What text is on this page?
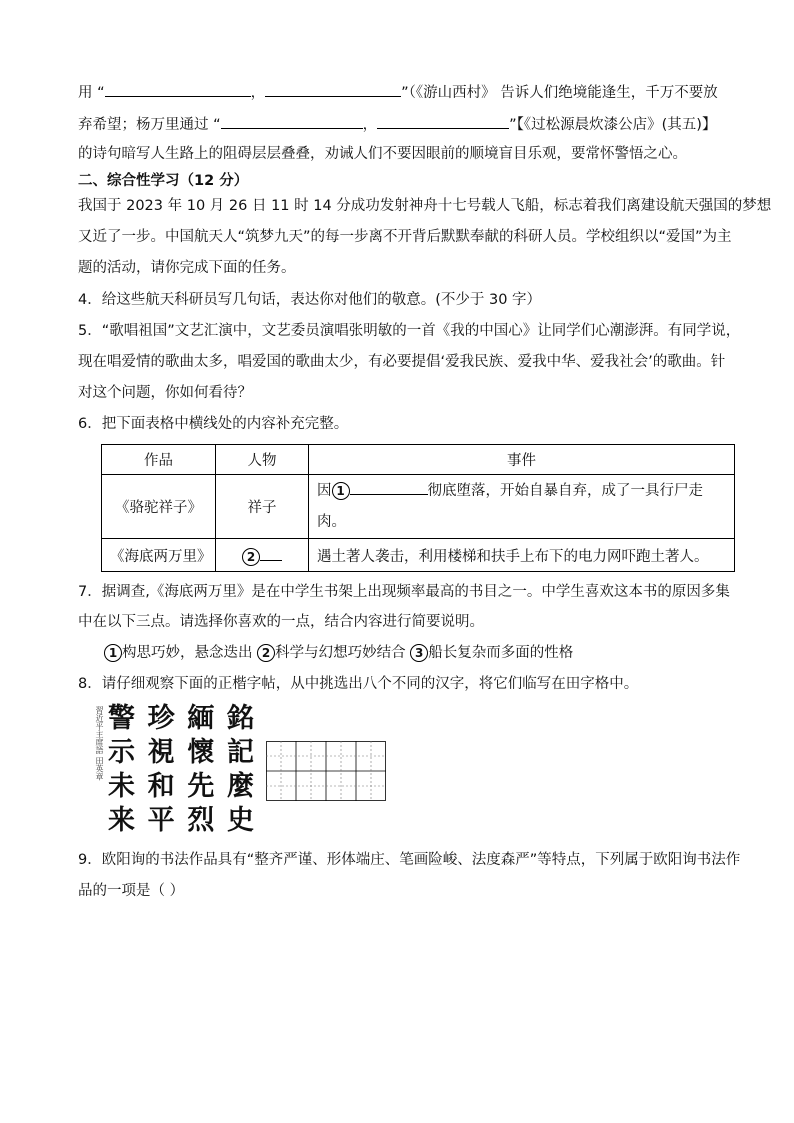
用 “	，	”（《游山西村》 告诉人们绝境能逢生，千万不要放
弃希望；杨万里通过 “	，	”【《过松源晨炊漆公店》(其五)】
的诗句暗写人生路上的阻碍层层叠叠，劝诫人们不要因眼前的顺境盲目乐观，要常怀警悟之心。
二、综合性学习（12 分）
我国于 2023 年 10 月 26 日 11 时 14 分成功发射神舟十七号载人飞船，标志着我们离建设航天强国的梦想
又近了一步。中国航天人“筑梦九天”的每一步离不开背后默默奉献的科研人员。学校组织以“爱国”为主
题的活动，请你完成下面的任务。
4．给这些航天科研员写几句话，表达你对他们的敬意。(不少于 30 字）
5．“歌唱祖国”文艺汇演中，文艺委员演唱张明敏的一首《我的中国心》让同学们心潮澎湃。有同学说，
现在唱爱情的歌曲太多，唱爱国的歌曲太少，有必要提倡‘爱我民族、爱我中华、爱我社会’的歌曲。针
对这个问题，你如何看待？
6．把下面表格中横线处的内容补充完整。
作品	人物	事件
《骆驼祥子》	祥子	因 1 彻底堕落，开始自暴自弃，成了一具行尸走
肉。
《海底两万里》	2	遇土著人袭击，利用楼梯和扶手上布下的电力网吓跑土著人。
7．据调查,《海底两万里》是在中学生书架上出现频率最高的书目之一。中学生喜欢这本书的原因多集
中在以下三点。请选择你喜欢的一点，结合内容进行简要说明。
1 构思巧妙，悬念迭出 2 科学与幻想巧妙结合 3 船长复杂而多面的性格
8．请仔细观察下面的正楷字帖，从中挑选出八个不同的汉字，将它们临写在田字格中。
習近平主席語 田英章 警 珍 緬 銘
示 視 懷 記
未 和 先 麼
来 平 烈 史
9．欧阳询的书法作品具有“整齐严谨、形体端庄、笔画险峻、法度森严”等特点，下列属于欧阳询书法作
品的一项是（ ）
